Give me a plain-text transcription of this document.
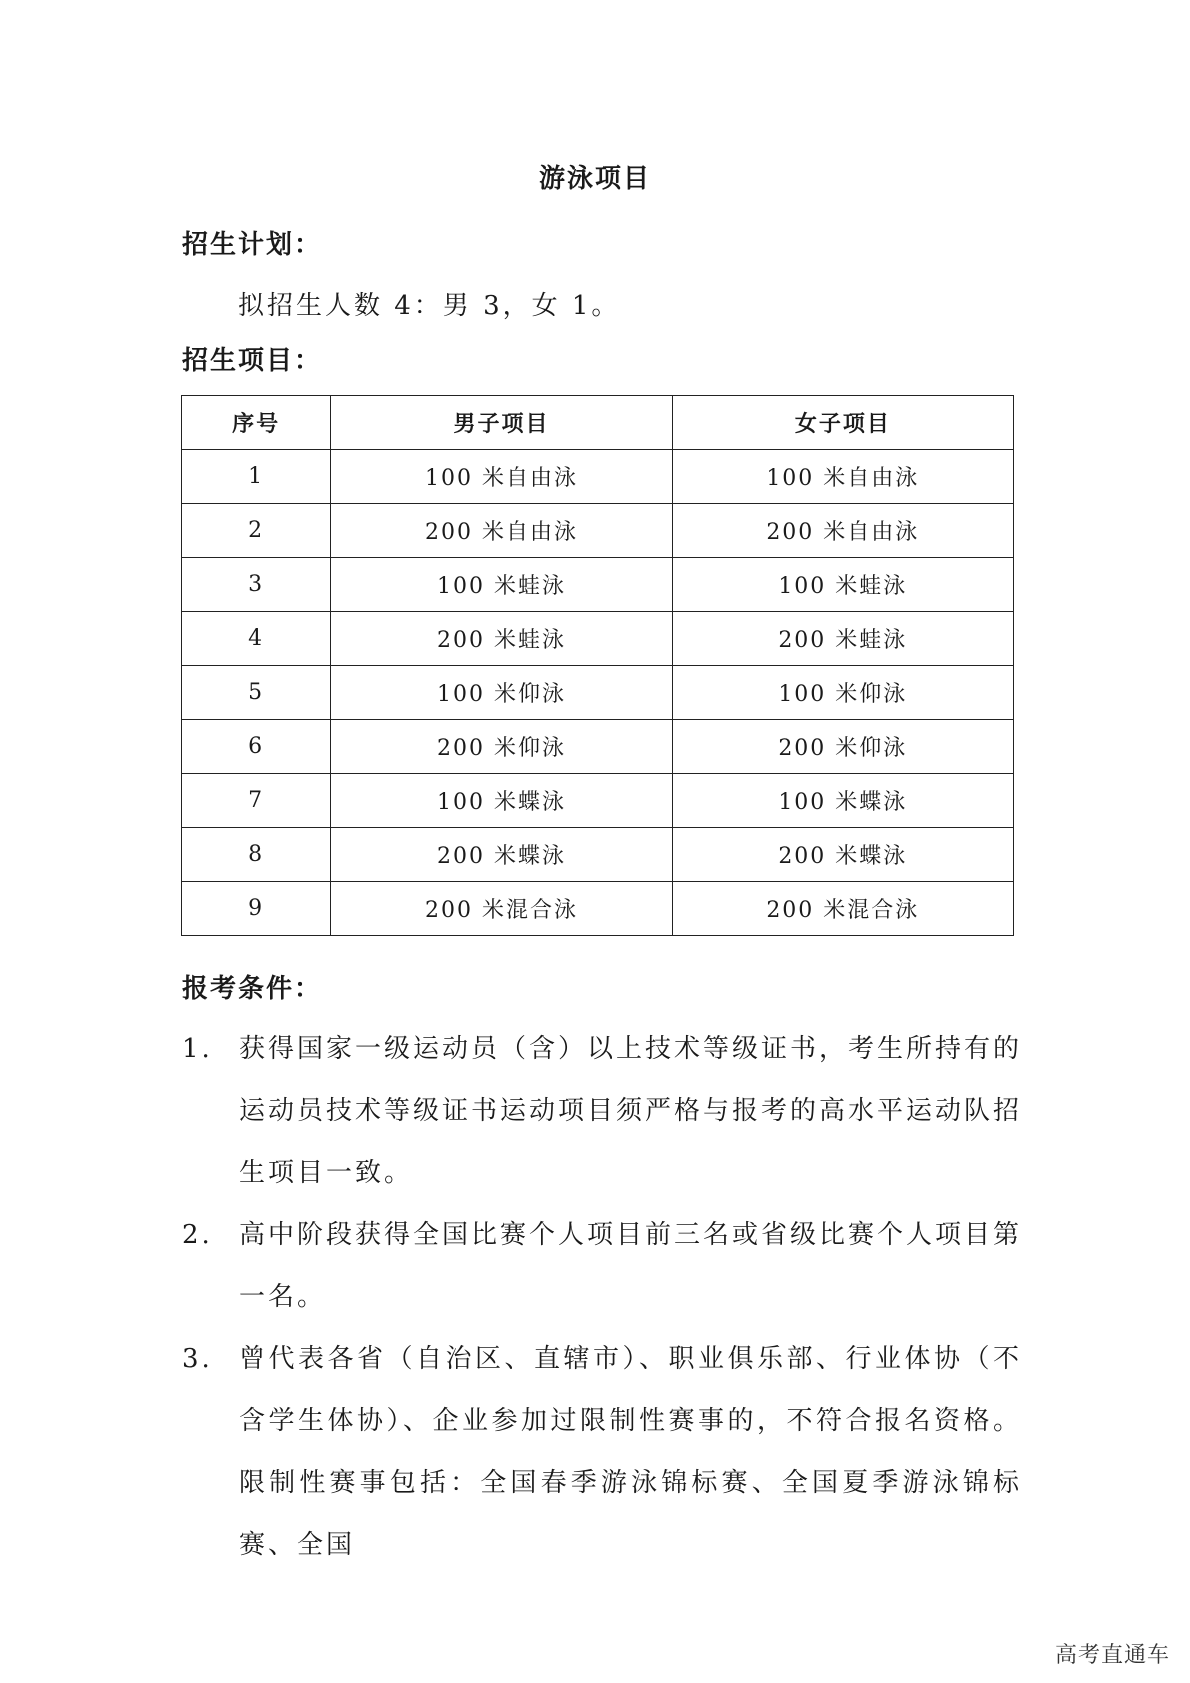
游泳项目
招生计划：
拟招生人数 4：男 3，女 1。
招生项目：
序号	男子项目	女子项目
1	100 米自由泳	100 米自由泳
2	200 米自由泳	200 米自由泳
3	100 米蛙泳	100 米蛙泳
4	200 米蛙泳	200 米蛙泳
5	100 米仰泳	100 米仰泳
6	200 米仰泳	200 米仰泳
7	100 米蝶泳	100 米蝶泳
8	200 米蝶泳	200 米蝶泳
9	200 米混合泳	200 米混合泳
报考条件：
1. 获得国家一级运动员（含）以上技术等级证书，考生所持有的运动员技术等级证书运动项目须严格与报考的高水平运动队招生项目一致。
2. 高中阶段获得全国比赛个人项目前三名或省级比赛个人项目第一名。
3. 曾代表各省（自治区、直辖市）、职业俱乐部、行业体协（不含学生体协）、企业参加过限制性赛事的，不符合报名资格。限制性赛事包括：全国春季游泳锦标赛、全国夏季游泳锦标赛、全国
高考直通车
